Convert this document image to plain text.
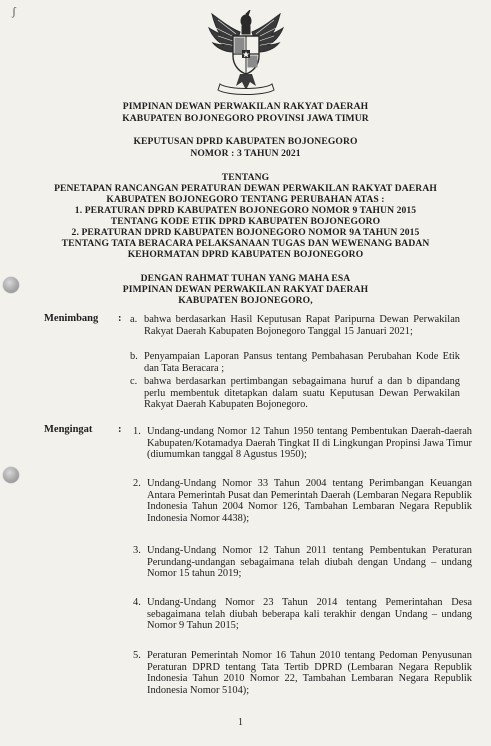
ʃ
PIMPINAN DEWAN PERWAKILAN RAKYAT DAERAH
KABUPATEN BOJONEGORO PROVINSI JAWA TIMUR
KEPUTUSAN DPRD KABUPATEN BOJONEGORO
NOMOR : 3 TAHUN 2021
TENTANG
PENETAPAN RANCANGAN PERATURAN DEWAN PERWAKILAN RAKYAT DAERAH
KABUPATEN BOJONEGORO TENTANG PERUBAHAN ATAS :
1. PERATURAN DPRD KABUPATEN BOJONEGORO NOMOR 9 TAHUN 2015
TENTANG KODE ETIK DPRD KABUPATEN BOJONEGORO
2. PERATURAN DPRD KABUPATEN BOJONEGORO NOMOR 9A TAHUN 2015
TENTANG TATA BERACARA PELAKSANAAN TUGAS DAN WEWENANG BADAN
KEHORMATAN DPRD KABUPATEN BOJONEGORO
DENGAN RAHMAT TUHAN YANG MAHA ESA
PIMPINAN DEWAN PERWAKILAN RAKYAT DAERAH
KABUPATEN BOJONEGORO,
Menimbang : a. bahwa berdasarkan Hasil Keputusan Rapat Paripurna Dewan Perwakilan Rakyat Daerah Kabupaten Bojonegoro Tanggal 15 Januari 2021;
b. Penyampaian Laporan Pansus tentang Pembahasan Perubahan Kode Etik dan Tata Beracara ;
c. bahwa berdasarkan pertimbangan sebagaimana huruf a dan b dipandang perlu membentuk ditetapkan dalam suatu Keputusan Dewan Perwakilan Rakyat Daerah Kabupaten Bojonegoro.
Mengingat : 1. Undang-undang Nomor 12 Tahun 1950 tentang Pembentukan Daerah-daerah Kabupaten/Kotamadya Daerah Tingkat II di Lingkungan Propinsi Jawa Timur (diumumkan tanggal 8 Agustus 1950);
2. Undang-Undang Nomor 33 Tahun 2004 tentang Perimbangan Keuangan Antara Pemerintah Pusat dan Pemerintah Daerah (Lembaran Negara Republik Indonesia Tahun 2004 Nomor 126, Tambahan Lembaran Negara Republik Indonesia Nomor 4438);
3. Undang-Undang Nomor 12 Tahun 2011 tentang Pembentukan Peraturan Perundang-undangan sebagaimana telah diubah dengan Undang – undang Nomor 15 tahun 2019;
4. Undang-Undang Nomor 23 Tahun 2014 tentang Pemerintahan Desa sebagaimana telah diubah beberapa kali terakhir dengan Undang – undang Nomor 9 Tahun 2015;
5. Peraturan Pemerintah Nomor 16 Tahun 2010 tentang Pedoman Penyusunan Peraturan DPRD tentang Tata Tertib DPRD (Lembaran Negara Republik Indonesia Tahun 2010 Nomor 22, Tambahan Lembaran Negara Republik Indonesia Nomor 5104);
1
